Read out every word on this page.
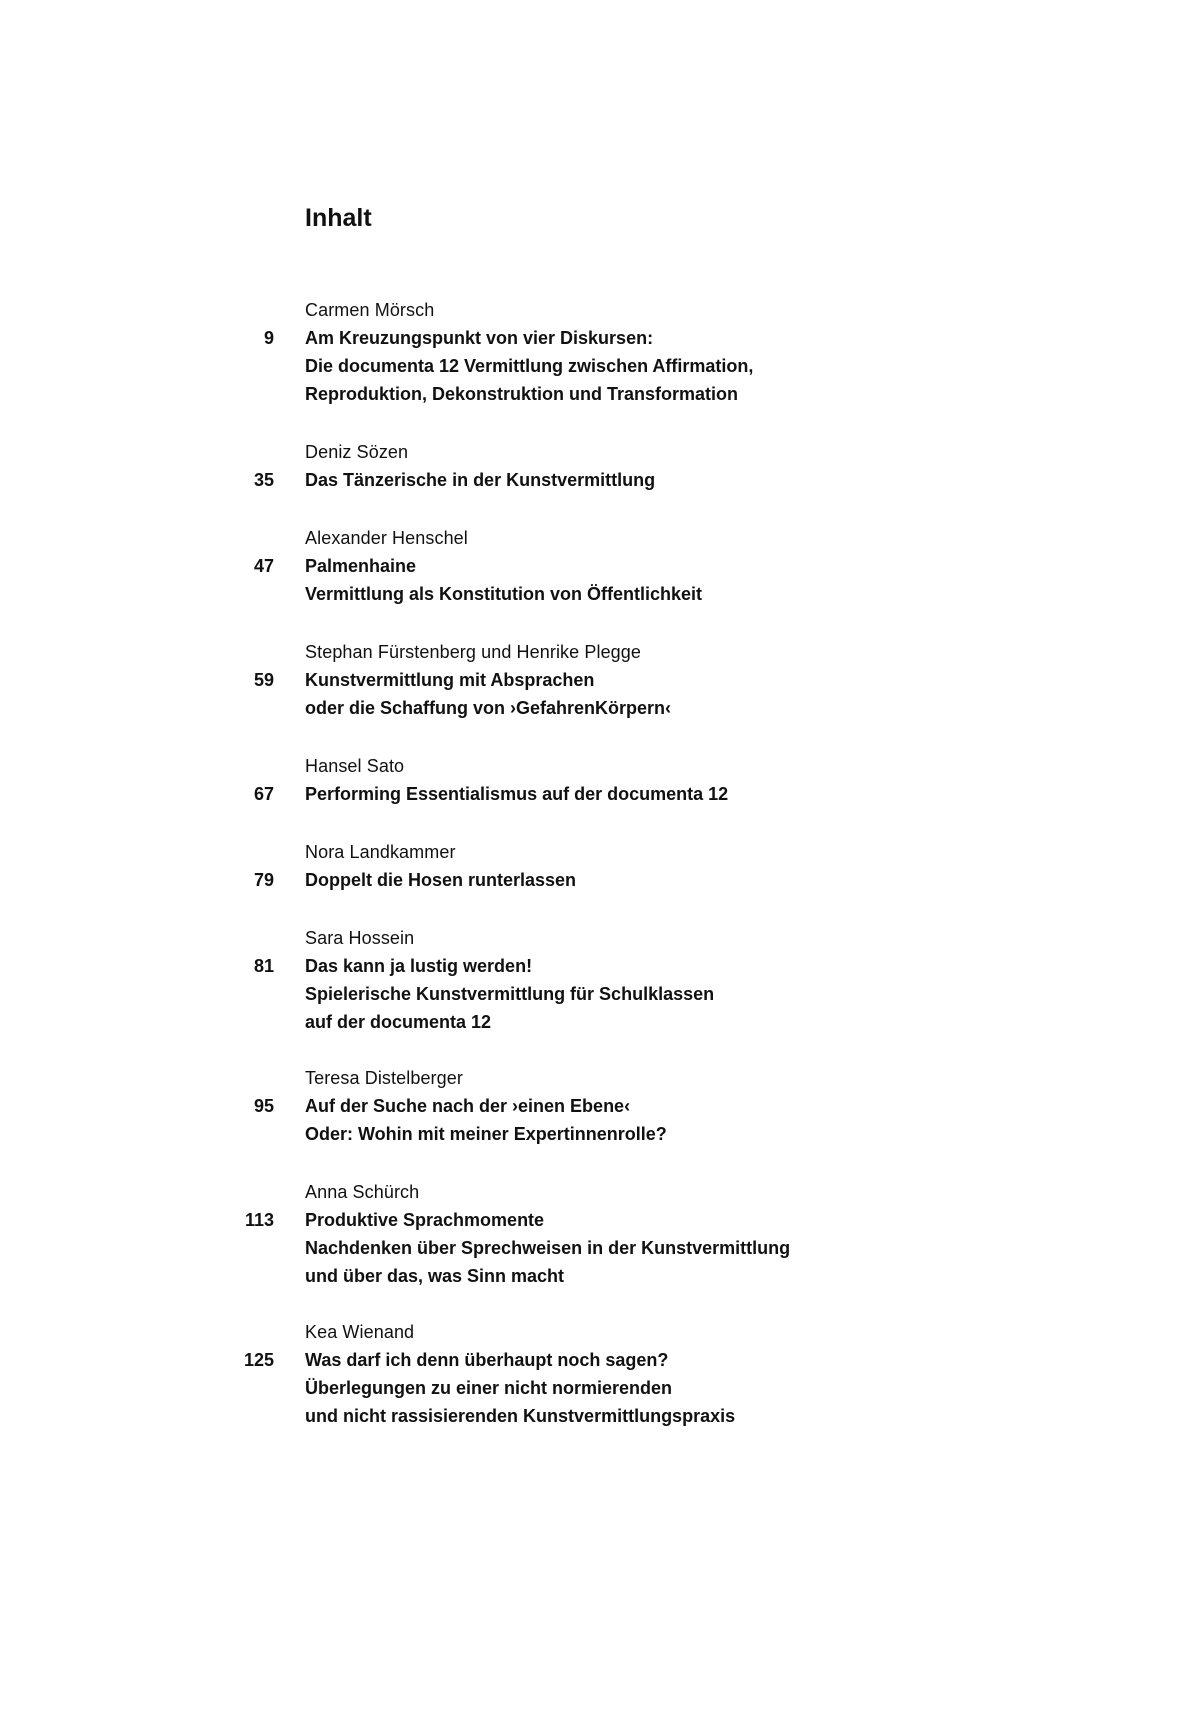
Inhalt
Carmen Mörsch
9 Am Kreuzungspunkt von vier Diskursen:
Die documenta 12 Vermittlung zwischen Affirmation,
Reproduktion, Dekonstruktion und Transformation
Deniz Sözen
35 Das Tänzerische in der Kunstvermittlung
Alexander Henschel
47 Palmenhaine
Vermittlung als Konstitution von Öffentlichkeit
Stephan Fürstenberg und Henrike Plegge
59 Kunstvermittlung mit Absprachen
oder die Schaffung von ›GefahrenKörpern‹
Hansel Sato
67 Performing Essentialismus auf der documenta 12
Nora Landkammer
79 Doppelt die Hosen runterlassen
Sara Hossein
81 Das kann ja lustig werden!
Spielerische Kunstvermittlung für Schulklassen
auf der documenta 12
Teresa Distelberger
95 Auf der Suche nach der ›einen Ebene‹
Oder: Wohin mit meiner Expertinnenrolle?
Anna Schürch
113 Produktive Sprachmomente
Nachdenken über Sprechweisen in der Kunstvermittlung
und über das, was Sinn macht
Kea Wienand
125 Was darf ich denn überhaupt noch sagen?
Überlegungen zu einer nicht normierenden
und nicht rassisierenden Kunstvermittlungspraxis
